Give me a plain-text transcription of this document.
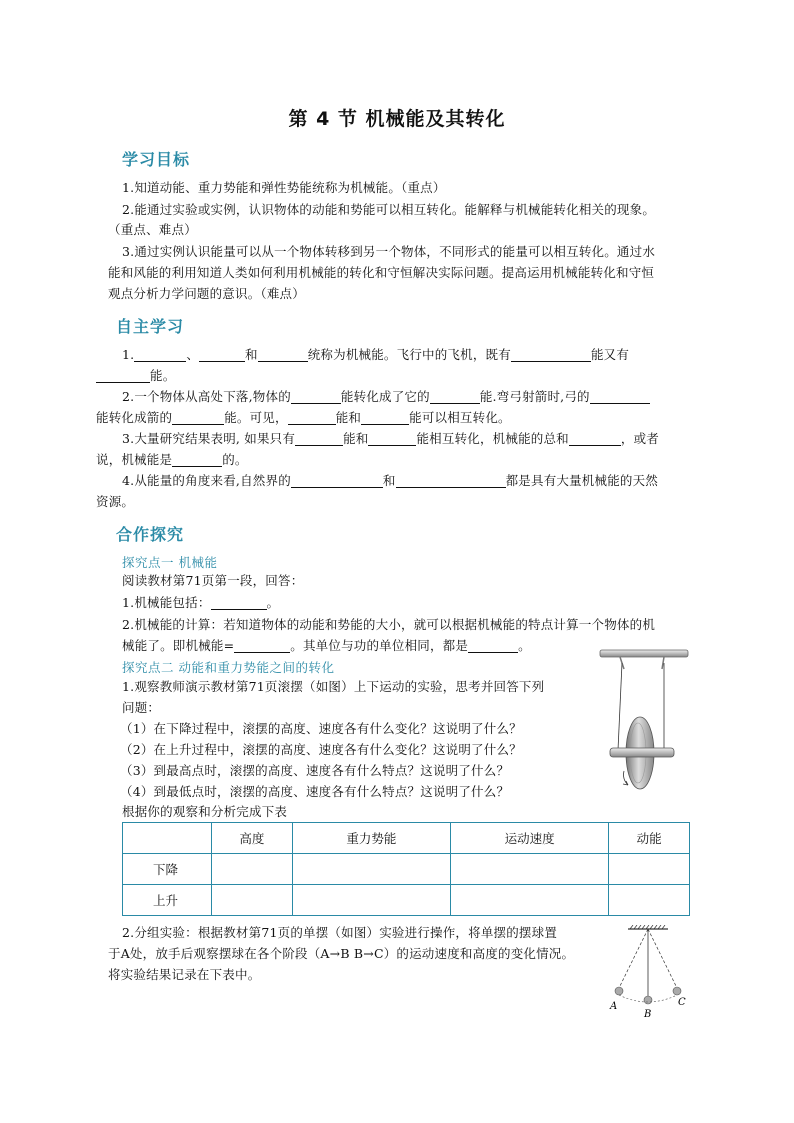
第 4 节 机械能及其转化
学习目标
1.知道动能、重力势能和弹性势能统称为机械能。（重点）
2.能通过实验或实例，认识物体的动能和势能可以相互转化。能解释与机械能转化相关的现象。
（重点、难点）
3.通过实例认识能量可以从一个物体转移到另一个物体，不同形式的能量可以相互转化。通过水
能和风能的利用知道人类如何利用机械能的转化和守恒解决实际问题。提高运用机械能转化和守恒
观点分析力学问题的意识。（难点）
自主学习
1.	、	和	统称为机械能。飞行中的飞机，既有	能又有
能。
2.一个物体从高处下落,物体的	能转化成了它的	能.弯弓射箭时,弓的
能转化成箭的	能。可见，	能和	能可以相互转化。
3.大量研究结果表明, 如果只有	能和	能相互转化，机械能的总和	，或者
说，机械能是	的。
4.从能量的角度来看,自然界的	和	都是具有大量机械能的天然
资源。
合作探究
探究点一 机械能
阅读教材第71页第一段，回答：
1.机械能包括：	。
2.机械能的计算：若知道物体的动能和势能的大小，就可以根据机械能的特点计算一个物体的机
械能了。即机械能=	。其单位与功的单位相同，都是	。
探究点二 动能和重力势能之间的转化
1.观察教师演示教材第71页滚摆（如图）上下运动的实验，思考并回答下列
问题：
（1）在下降过程中，滚摆的高度、速度各有什么变化？这说明了什么？
（2）在上升过程中，滚摆的高度、速度各有什么变化？这说明了什么？
（3）到最高点时，滚摆的高度、速度各有什么特点？这说明了什么？
（4）到最低点时，滚摆的高度、速度各有什么特点？这说明了什么？
根据你的观察和分析完成下表
	高度	重力势能	运动速度	动能
下降				
上升				
2.分组实验：根据教材第71页的单摆（如图）实验进行操作，将单摆的摆球置
于A处，放手后观察摆球在各个阶段（A→B B→C）的运动速度和高度的变化情况。
将实验结果记录在下表中。
A
B
C
